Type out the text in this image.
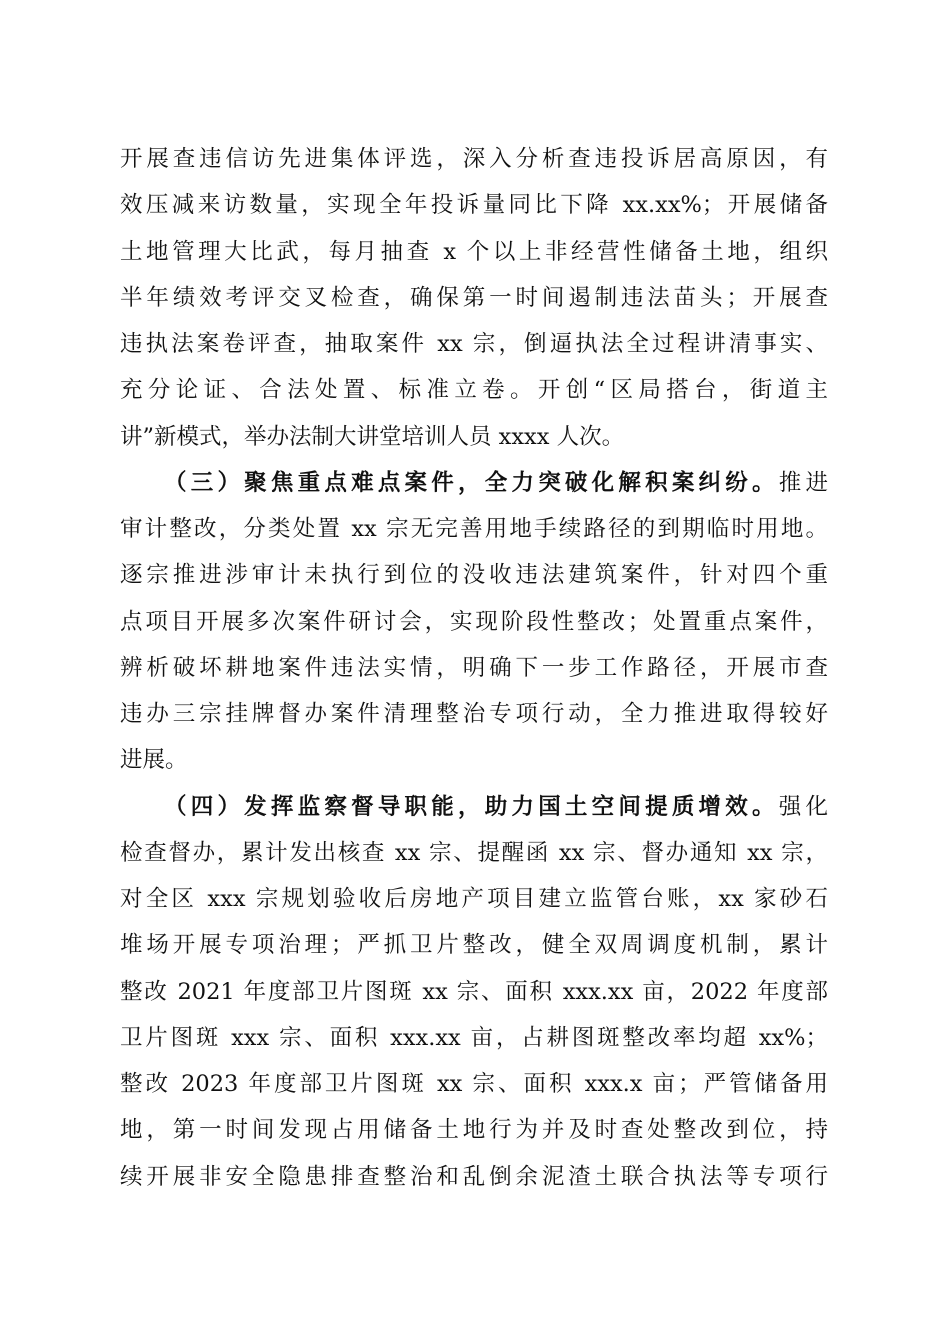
开展查违信访先进集体评选，深入分析查违投诉居高原因，有
效压减来访数量，实现全年投诉量同比下降 xx.xx%；开展储备
土地管理大比武，每月抽查 x 个以上非经营性储备土地，组织
半年绩效考评交叉检查，确保第一时间遏制违法苗头；开展查
违执法案卷评查，抽取案件 xx 宗，倒逼执法全过程讲清事实、
充分论证、合法处置、标准立卷。开创“区局搭台，街道主
讲”新模式，举办法制大讲堂培训人员 xxxx 人次。
（三）聚焦重点难点案件，全力突破化解积案纠纷。推进
审计整改，分类处置 xx 宗无完善用地手续路径的到期临时用地。
逐宗推进涉审计未执行到位的没收违法建筑案件，针对四个重
点项目开展多次案件研讨会，实现阶段性整改；处置重点案件，
辨析破坏耕地案件违法实情，明确下一步工作路径，开展市查
违办三宗挂牌督办案件清理整治专项行动，全力推进取得较好
进展。
（四）发挥监察督导职能，助力国土空间提质增效。强化
检查督办，累计发出核查 xx 宗、提醒函 xx 宗、督办通知 xx 宗，
对全区 xxx 宗规划验收后房地产项目建立监管台账，xx 家砂石
堆场开展专项治理；严抓卫片整改，健全双周调度机制，累计
整改 2021 年度部卫片图斑 xx 宗、面积 xxx.xx 亩，2022 年度部
卫片图斑 xxx 宗、面积 xxx.xx 亩，占耕图斑整改率均超 xx%；
整改 2023 年度部卫片图斑 xx 宗、面积 xxx.x 亩；严管储备用
地，第一时间发现占用储备土地行为并及时查处整改到位，持
续开展非安全隐患排查整治和乱倒余泥渣土联合执法等专项行
